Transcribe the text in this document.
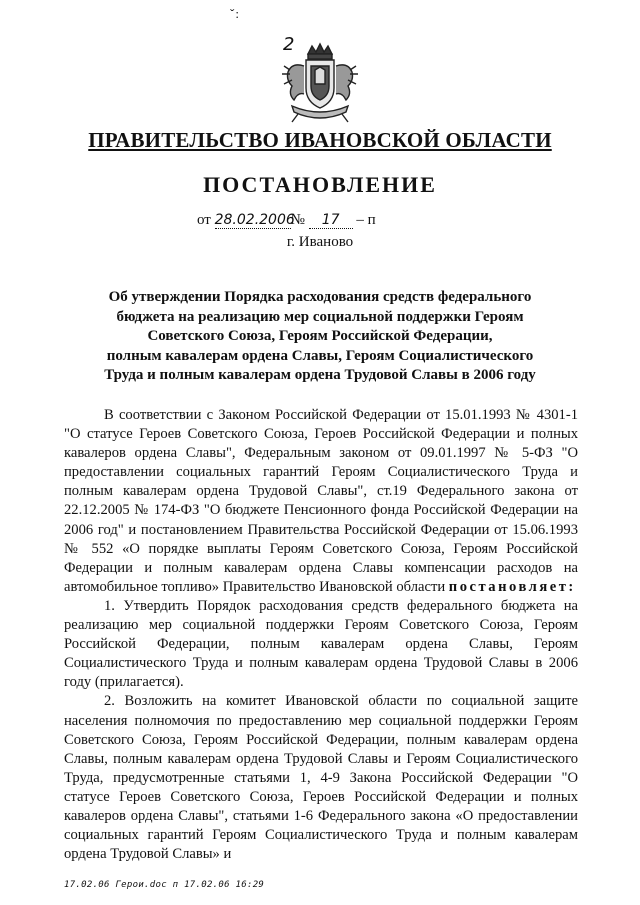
ˇ:
2
ПРАВИТЕЛЬСТВО ИВАНОВСКОЙ ОБЛАСТИ
ПОСТАНОВЛЕНИЕ
от 28.02.2006№ 17 – п
г. Иваново
Об утверждении Порядка расходования средств федерального
бюджета на реализацию мер социальной поддержки Героям
Советского Союза, Героям Российской Федерации,
полным кавалерам ордена Славы, Героям Социалистического
Труда и полным кавалерам ордена Трудовой Славы в 2006 году

В соответствии с Законом Российской Федерации от 15.01.1993 № 4301-1 "О статусе Героев Советского Союза, Героев Российской Федерации и полных кавалеров ордена Славы", Федеральным законом от 09.01.1997 № 5-ФЗ "О предоставлении социальных гарантий Героям Социалистического Труда и полным кавалерам ордена Трудовой Славы", ст.19 Федерального закона от 22.12.2005 № 174-ФЗ "О бюджете Пенсионного фонда Российской Федерации на 2006 год" и постановлением Правительства Российской Федерации от 15.06.1993 № 552 «О порядке выплаты Героям Советского Союза, Героям Российской Федерации и полным кавалерам ордена Славы компенсации расходов на автомобильное топливо» Правительство Ивановской области постановляет:

1. Утвердить Порядок расходования средств федерального бюджета на реализацию мер социальной поддержки Героям Советского Союза, Героям Российской Федерации, полным кавалерам ордена Славы, Героям Социалистического Труда и полным кавалерам ордена Трудовой Славы в 2006 году (прилагается).

2. Возложить на комитет Ивановской области по социальной защите населения полномочия по предоставлению мер социальной поддержки Героям Советского Союза, Героям Российской Федерации, полным кавалерам ордена Славы, полным кавалерам ордена Трудовой Славы и Героям Социалистического Труда, предусмотренные статьями 1, 4-9 Закона Российской Федерации "О статусе Героев Советского Союза, Героев Российской Федерации и полных кавалеров ордена Славы", статьями 1-6 Федерального закона «О предоставлении социальных гарантий Героям Социалистического Труда и полным кавалерам ордена Трудовой Славы» и

17.02.06 Герои.doc п 17.02.06 16:29
